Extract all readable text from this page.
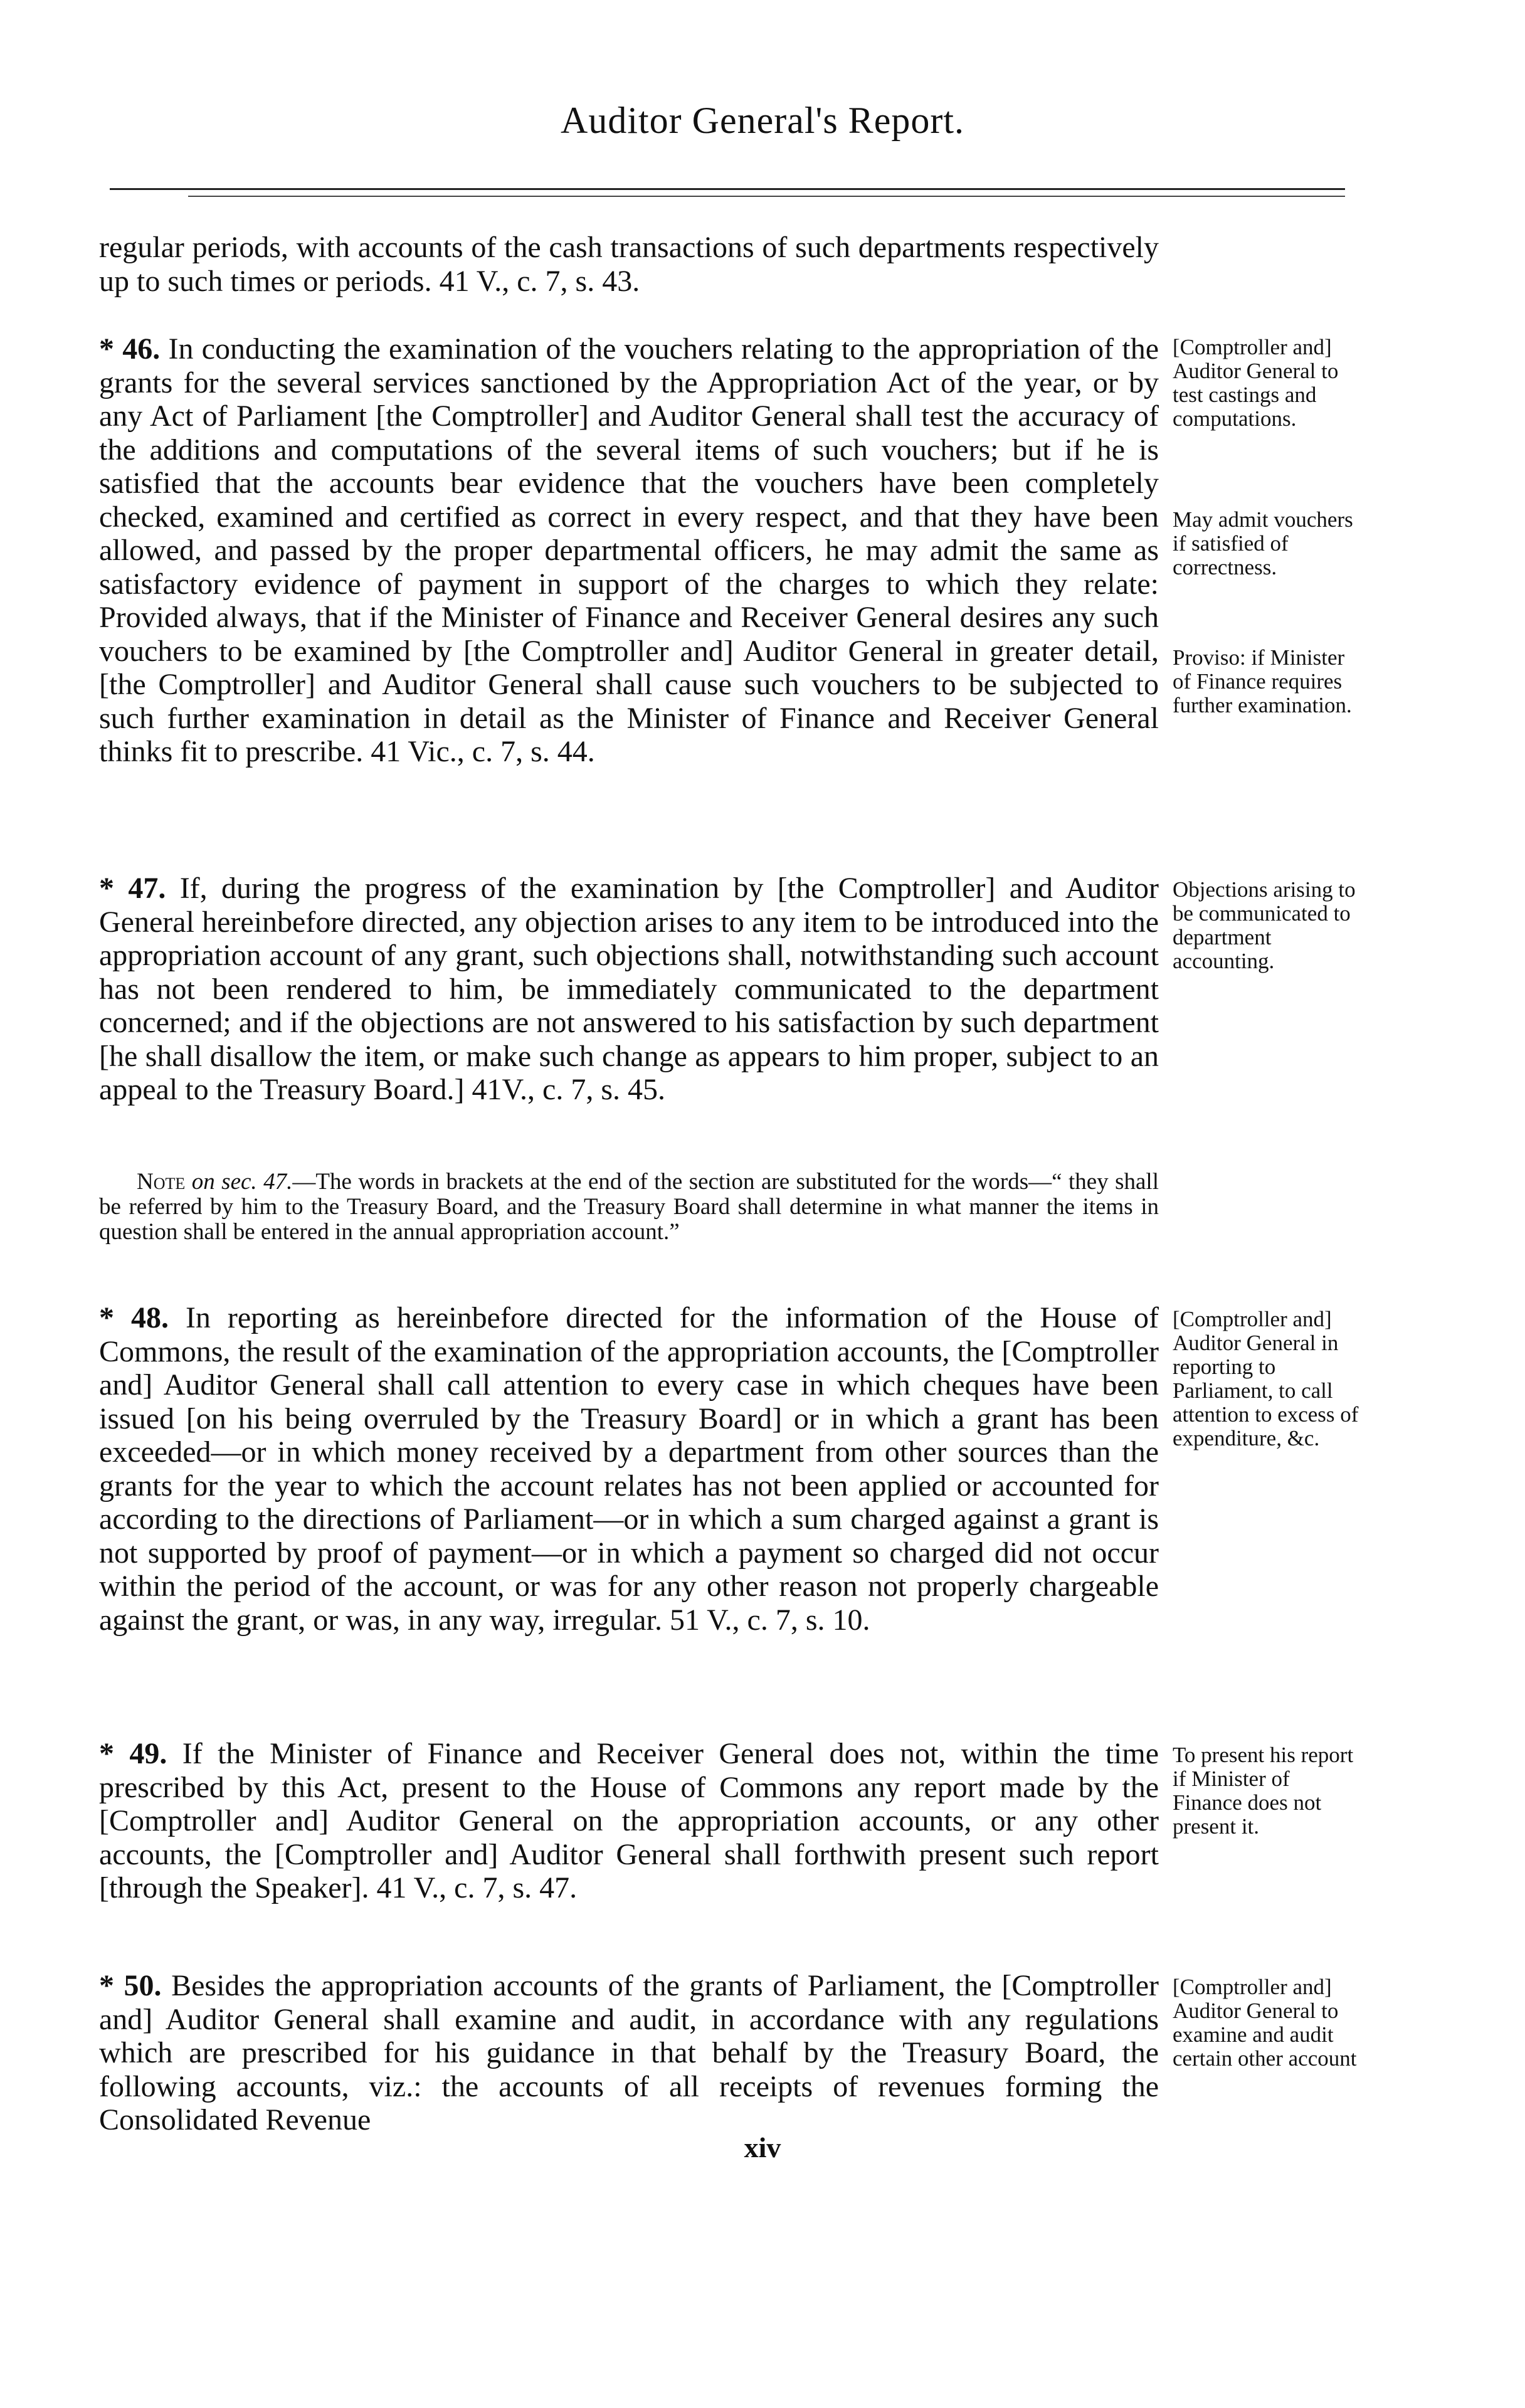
Auditor General's Report.

regular periods, with accounts of the cash transactions of such departments respectively up to such times or periods. 41 V., c. 7, s. 43.

* 46. In conducting the examination of the vouchers relating to the appropriation of the grants for the several services sanctioned by the Appropriation Act of the year, or by any Act of Parliament [the Comptroller] and Auditor General shall test the accuracy of the additions and computations of the several items of such vouchers; but if he is satisfied that the accounts bear evidence that the vouchers have been completely checked, examined and certified as correct in every respect, and that they have been allowed, and passed by the proper departmental officers, he may admit the same as satisfactory evidence of payment in support of the charges to which they relate: Provided always, that if the Minister of Finance and Receiver General desires any such vouchers to be examined by [the Comptroller and] Auditor General in greater detail, [the Comptroller] and Auditor General shall cause such vouchers to be subjected to such further examination in detail as the Minister of Finance and Receiver General thinks fit to prescribe. 41 Vic., c. 7, s. 44.

[Comptroller and] Auditor General to test castings and computations.
May admit vouchers if satisfied of correctness.
Proviso: if Minister of Finance requires further examination.

* 47. If, during the progress of the examination by [the Comptroller] and Auditor General hereinbefore directed, any objection arises to any item to be introduced into the appropriation account of any grant, such objections shall, notwithstanding such account has not been rendered to him, be immediately communicated to the department concerned; and if the objections are not answered to his satisfaction by such department [he shall disallow the item, or make such change as appears to him proper, subject to an appeal to the Treasury Board.] 41V., c. 7, s. 45.

Objections arising to be communicated to department accounting.
Note on sec. 47.—The words in brackets at the end of the section are substituted for the words—“ they shall be referred by him to the Treasury Board, and the Treasury Board shall determine in what manner the items in question shall be entered in the annual appropriation account.”

* 48. In reporting as hereinbefore directed for the information of the House of Commons, the result of the examination of the appropriation accounts, the [Comptroller and] Auditor General shall call attention to every case in which cheques have been issued [on his being overruled by the Treasury Board] or in which a grant has been exceeded—or in which money received by a department from other sources than the grants for the year to which the account relates has not been applied or accounted for according to the directions of Parliament—or in which a sum charged against a grant is not supported by proof of payment—or in which a payment so charged did not occur within the period of the account, or was for any other reason not properly chargeable against the grant, or was, in any way, irregular. 51 V., c. 7, s. 10.

[Comptroller and] Auditor General in reporting to Parliament, to call attention to excess of expenditure, &c.

* 49. If the Minister of Finance and Receiver General does not, within the time prescribed by this Act, present to the House of Commons any report made by the [Comptroller and] Auditor General on the appropriation accounts, or any other accounts, the [Comptroller and] Auditor General shall forthwith present such report [through the Speaker]. 41 V., c. 7, s. 47.

To present his report if Minister of Finance does not present it.

* 50. Besides the appropriation accounts of the grants of Parliament, the [Comptroller and] Auditor General shall examine and audit, in accordance with any regulations which are prescribed for his guidance in that behalf by the Treasury Board, the following accounts, viz.: the accounts of all receipts of revenues forming the Consolidated Revenue

[Comptroller and] Auditor General to examine and audit certain other account
xiv
